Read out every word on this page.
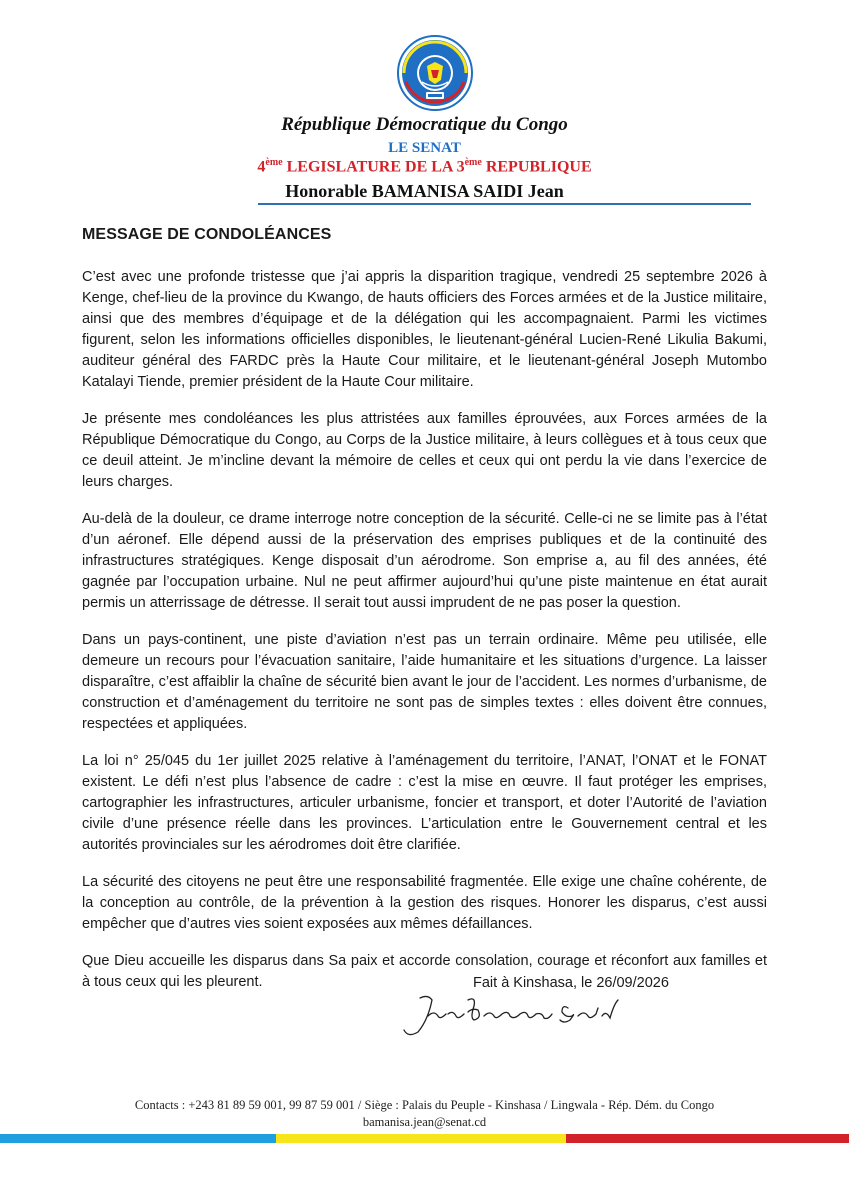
République Démocratique du Congo
LE SENAT
4ème LEGISLATURE DE LA 3ème REPUBLIQUE
Honorable BAMANISA SAIDI Jean
MESSAGE DE CONDOLÉANCES

C’est avec une profonde tristesse que j’ai appris la disparition tragique, vendredi 25 septembre 2026 à Kenge, chef-lieu de la province du Kwango, de hauts officiers des Forces armées et de la Justice militaire, ainsi que des membres d’équipage et de la délégation qui les accompagnaient. Parmi les victimes figurent, selon les informations officielles disponibles, le lieutenant-général Lucien-René Likulia Bakumi, auditeur général des FARDC près la Haute Cour militaire, et le lieutenant-général Joseph Mutombo Katalayi Tiende, premier président de la Haute Cour militaire.

Je présente mes condoléances les plus attristées aux familles éprouvées, aux Forces armées de la République Démocratique du Congo, au Corps de la Justice militaire, à leurs collègues et à tous ceux que ce deuil atteint. Je m’incline devant la mémoire de celles et ceux qui ont perdu la vie dans l’exercice de leurs charges.

Au-delà de la douleur, ce drame interroge notre conception de la sécurité. Celle-ci ne se limite pas à l’état d’un aéronef. Elle dépend aussi de la préservation des emprises publiques et de la continuité des infrastructures stratégiques. Kenge disposait d’un aérodrome. Son emprise a, au fil des années, été gagnée par l’occupation urbaine. Nul ne peut affirmer aujourd’hui qu’une piste maintenue en état aurait permis un atterrissage de détresse. Il serait tout aussi imprudent de ne pas poser la question.

Dans un pays-continent, une piste d’aviation n’est pas un terrain ordinaire. Même peu utilisée, elle demeure un recours pour l’évacuation sanitaire, l’aide humanitaire et les situations d’urgence. La laisser disparaître, c’est affaiblir la chaîne de sécurité bien avant le jour de l’accident. Les normes d’urbanisme, de construction et d’aménagement du territoire ne sont pas de simples textes : elles doivent être connues, respectées et appliquées.

La loi n° 25/045 du 1er juillet 2025 relative à l’aménagement du territoire, l’ANAT, l’ONAT et le FONAT existent. Le défi n’est plus l’absence de cadre : c’est la mise en œuvre. Il faut protéger les emprises, cartographier les infrastructures, articuler urbanisme, foncier et transport, et doter l’Autorité de l’aviation civile d’une présence réelle dans les provinces. L’articulation entre le Gouvernement central et les autorités provinciales sur les aérodromes doit être clarifiée.

La sécurité des citoyens ne peut être une responsabilité fragmentée. Elle exige une chaîne cohérente, de la conception au contrôle, de la prévention à la gestion des risques. Honorer les disparus, c’est aussi empêcher que d’autres vies soient exposées aux mêmes défaillances.

Que Dieu accueille les disparus dans Sa paix et accorde consolation, courage et réconfort aux familles et à tous ceux qui les pleurent.	Fait à Kinshasa, le 26/09/2026
Contacts : +243 81 89 59 001, 99 87 59 001 / Siège : Palais du Peuple - Kinshasa / Lingwala - Rép. Dém. du Congo
bamanisa.jean@senat.cd
